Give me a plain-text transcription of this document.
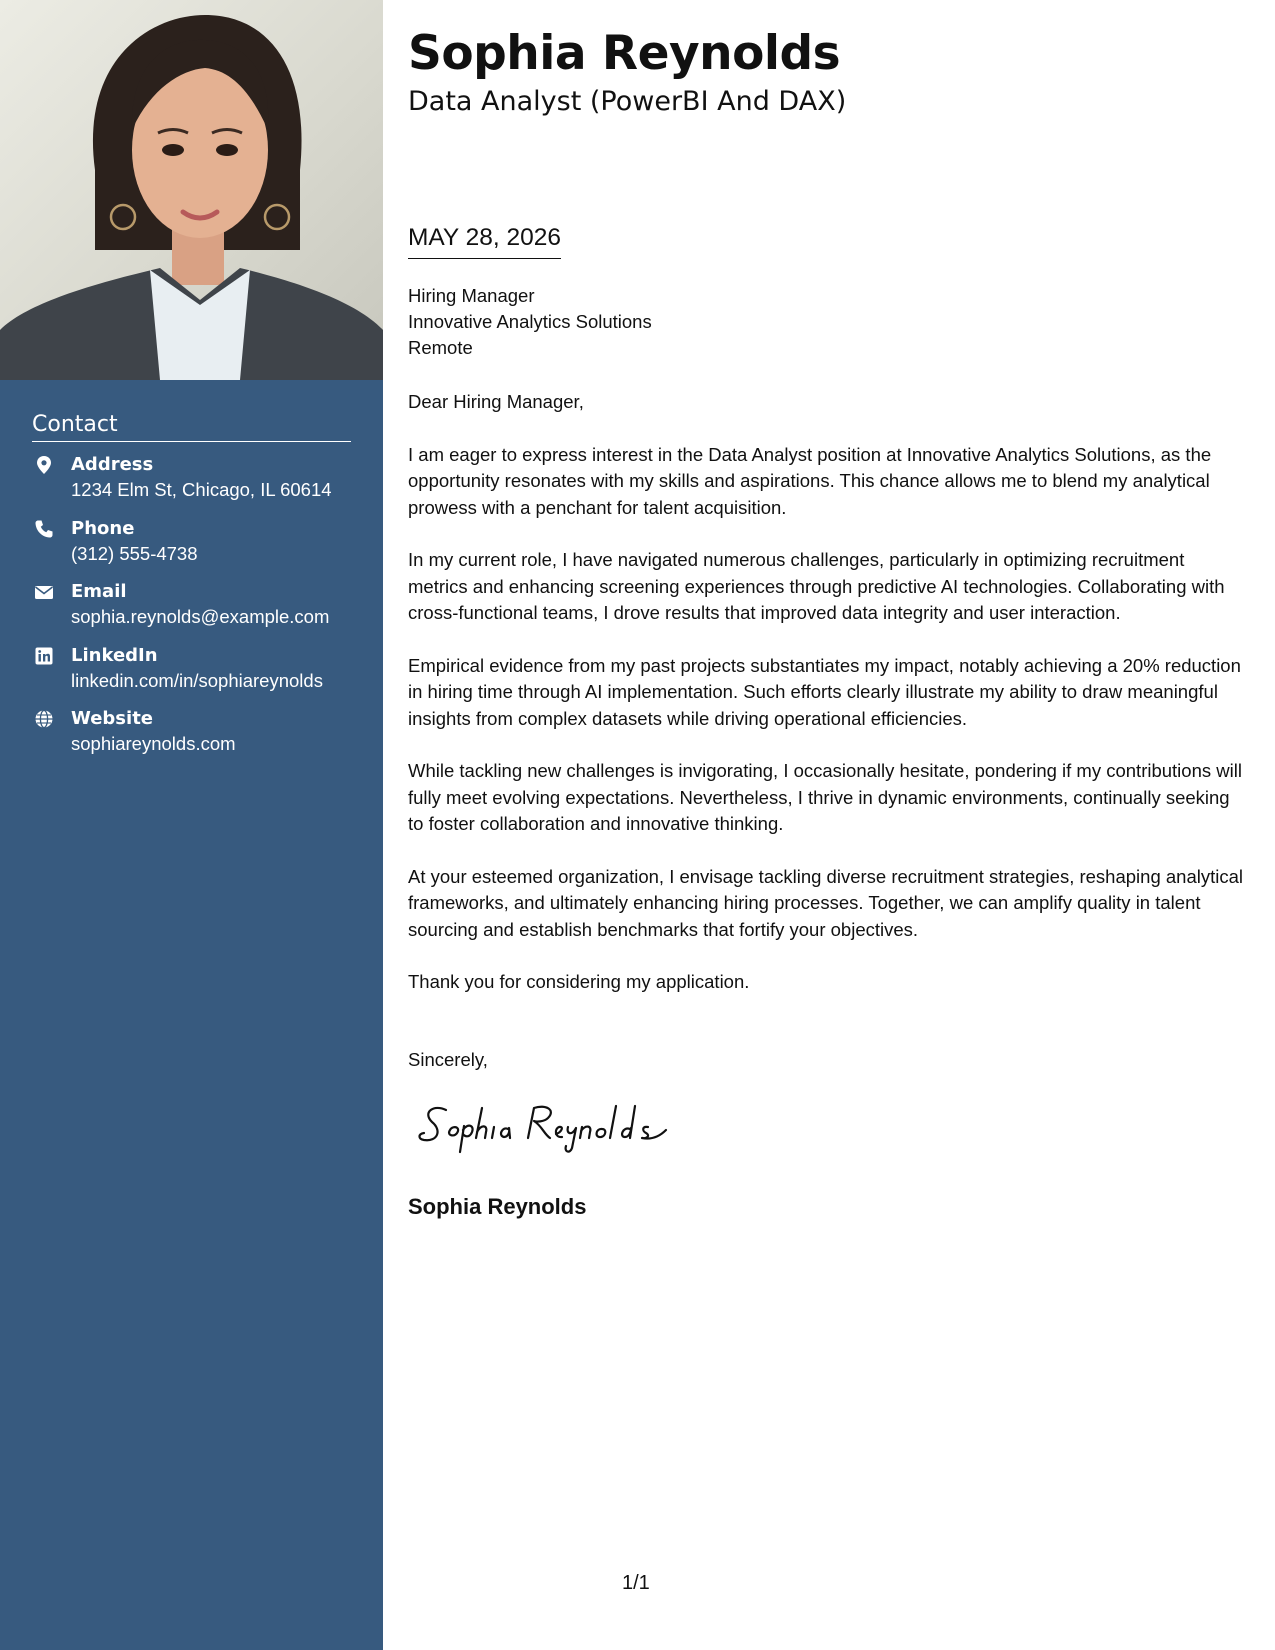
Contact
Address
1234 Elm St, Chicago, IL 60614
Phone
(312) 555-4738
Email
sophia.reynolds@example.com
LinkedIn
linkedin.com/in/sophiareynolds
Website
sophiareynolds.com
Sophia Reynolds
Data Analyst (PowerBI And DAX)
MAY 28, 2026
Hiring Manager
Innovative Analytics Solutions
Remote
Dear Hiring Manager,

I am eager to express interest in the Data Analyst position at Innovative Analytics Solutions, as the opportunity resonates with my skills and aspirations. This chance allows me to blend my analytical prowess with a penchant for talent acquisition.

In my current role, I have navigated numerous challenges, particularly in optimizing recruitment metrics and enhancing screening experiences through predictive AI technologies. Collaborating with cross-functional teams, I drove results that improved data integrity and user interaction.

Empirical evidence from my past projects substantiates my impact, notably achieving a 20% reduction in hiring time through AI implementation. Such efforts clearly illustrate my ability to draw meaningful insights from complex datasets while driving operational efficiencies.

While tackling new challenges is invigorating, I occasionally hesitate, pondering if my contributions will fully meet evolving expectations. Nevertheless, I thrive in dynamic environments, continually seeking to foster collaboration and innovative thinking.

At your esteemed organization, I envisage tackling diverse recruitment strategies, reshaping analytical frameworks, and ultimately enhancing hiring processes. Together, we can amplify quality in talent sourcing and establish benchmarks that fortify your objectives.

Thank you for considering my application.

Sincerely,
Sophia Reynolds
1/1
